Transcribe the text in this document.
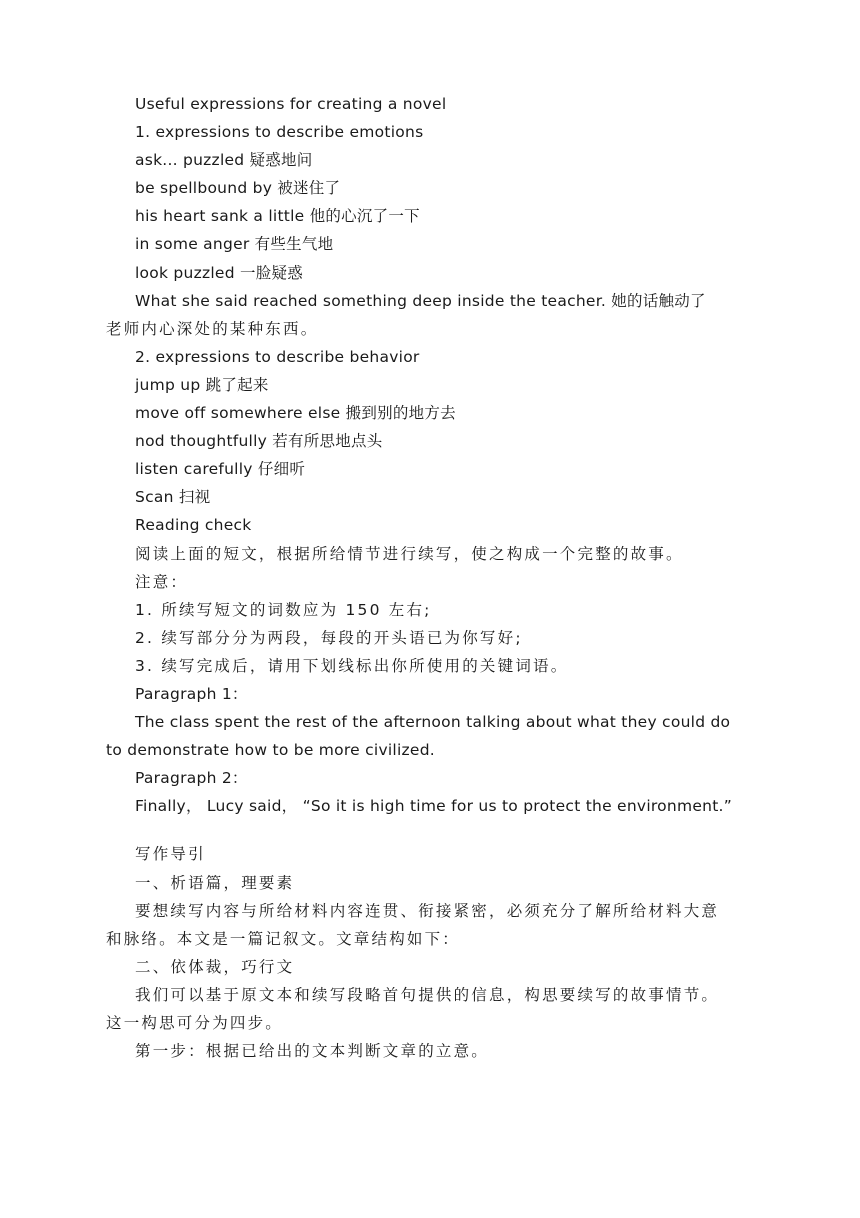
Useful expressions for creating a novel
1. expressions to describe emotions
ask... puzzled 疑惑地问
be spellbound by 被迷住了
his heart sank a little 他的心沉了一下
in some anger 有些生气地
look puzzled 一脸疑惑
What she said reached something deep inside the teacher. 她的话触动了
老师内心深处的某种东西。
2. expressions to describe behavior
jump up 跳了起来
move off somewhere else 搬到别的地方去
nod thoughtfully 若有所思地点头
listen carefully 仔细听
Scan 扫视
Reading check
阅读上面的短文，根据所给情节进行续写，使之构成一个完整的故事。
注意：
1. 所续写短文的词数应为 150 左右;
2. 续写部分分为两段，每段的开头语已为你写好;
3. 续写完成后，请用下划线标出你所使用的关键词语。
Paragraph 1：
The class spent the rest of the afternoon talking about what they could do
to demonstrate how to be more civilized.
Paragraph 2：
Finally， Lucy said， “So it is high time for us to protect the environment.”
写作导引
一、析语篇，理要素
要想续写内容与所给材料内容连贯、衔接紧密，必须充分了解所给材料大意
和脉络。本文是一篇记叙文。文章结构如下：
二、依体裁，巧行文
我们可以基于原文本和续写段略首句提供的信息，构思要续写的故事情节。
这一构思可分为四步。
第一步：根据已给出的文本判断文章的立意。
